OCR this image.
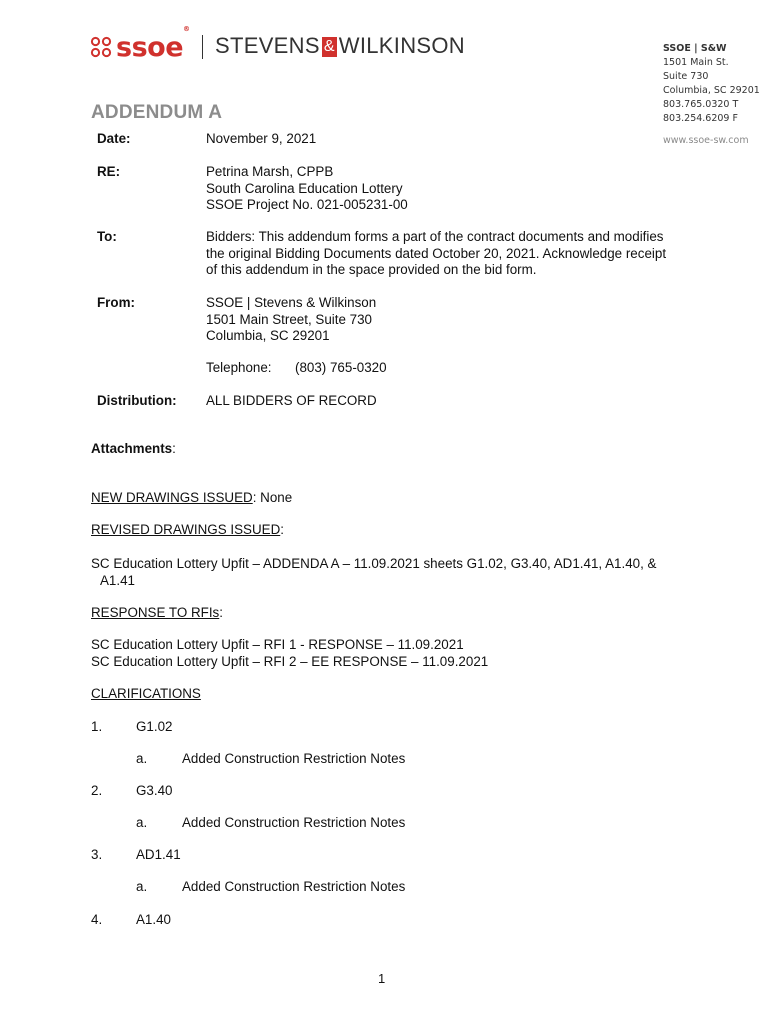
ssoe®
STEVENS & WILKINSON	SSOE | S&W
1501 Main St.
Suite 730
Columbia, SC 29201
803.765.0320 T
803.254.6209 F
www.ssoe-sw.com
ADDENDUM A
Date:	November 9, 2021
RE:	Petrina Marsh, CPPB
South Carolina Education Lottery
SSOE Project No. 021-005231-00
To:	Bidders: This addendum forms a part of the contract documents and modifies
the original Bidding Documents dated October 20, 2021. Acknowledge receipt
of this addendum in the space provided on the bid form.
From:	SSOE | Stevens & Wilkinson
1501 Main Street, Suite 730
Columbia, SC 29201
Telephone: (803) 765-0320
Distribution: ALL BIDDERS OF RECORD
Attachments:
NEW DRAWINGS ISSUED: None
REVISED DRAWINGS ISSUED:
SC Education Lottery Upfit – ADDENDA A – 11.09.2021 sheets G1.02, G3.40, AD1.41, A1.40, &
A1.41
RESPONSE TO RFIs:
SC Education Lottery Upfit – RFI 1 - RESPONSE – 11.09.2021
SC Education Lottery Upfit – RFI 2 – EE RESPONSE – 11.09.2021
CLARIFICATIONS
1.	G1.02
a.	Added Construction Restriction Notes
2.	G3.40
a.	Added Construction Restriction Notes
3.	AD1.41
a.	Added Construction Restriction Notes
4.	A1.40
1
